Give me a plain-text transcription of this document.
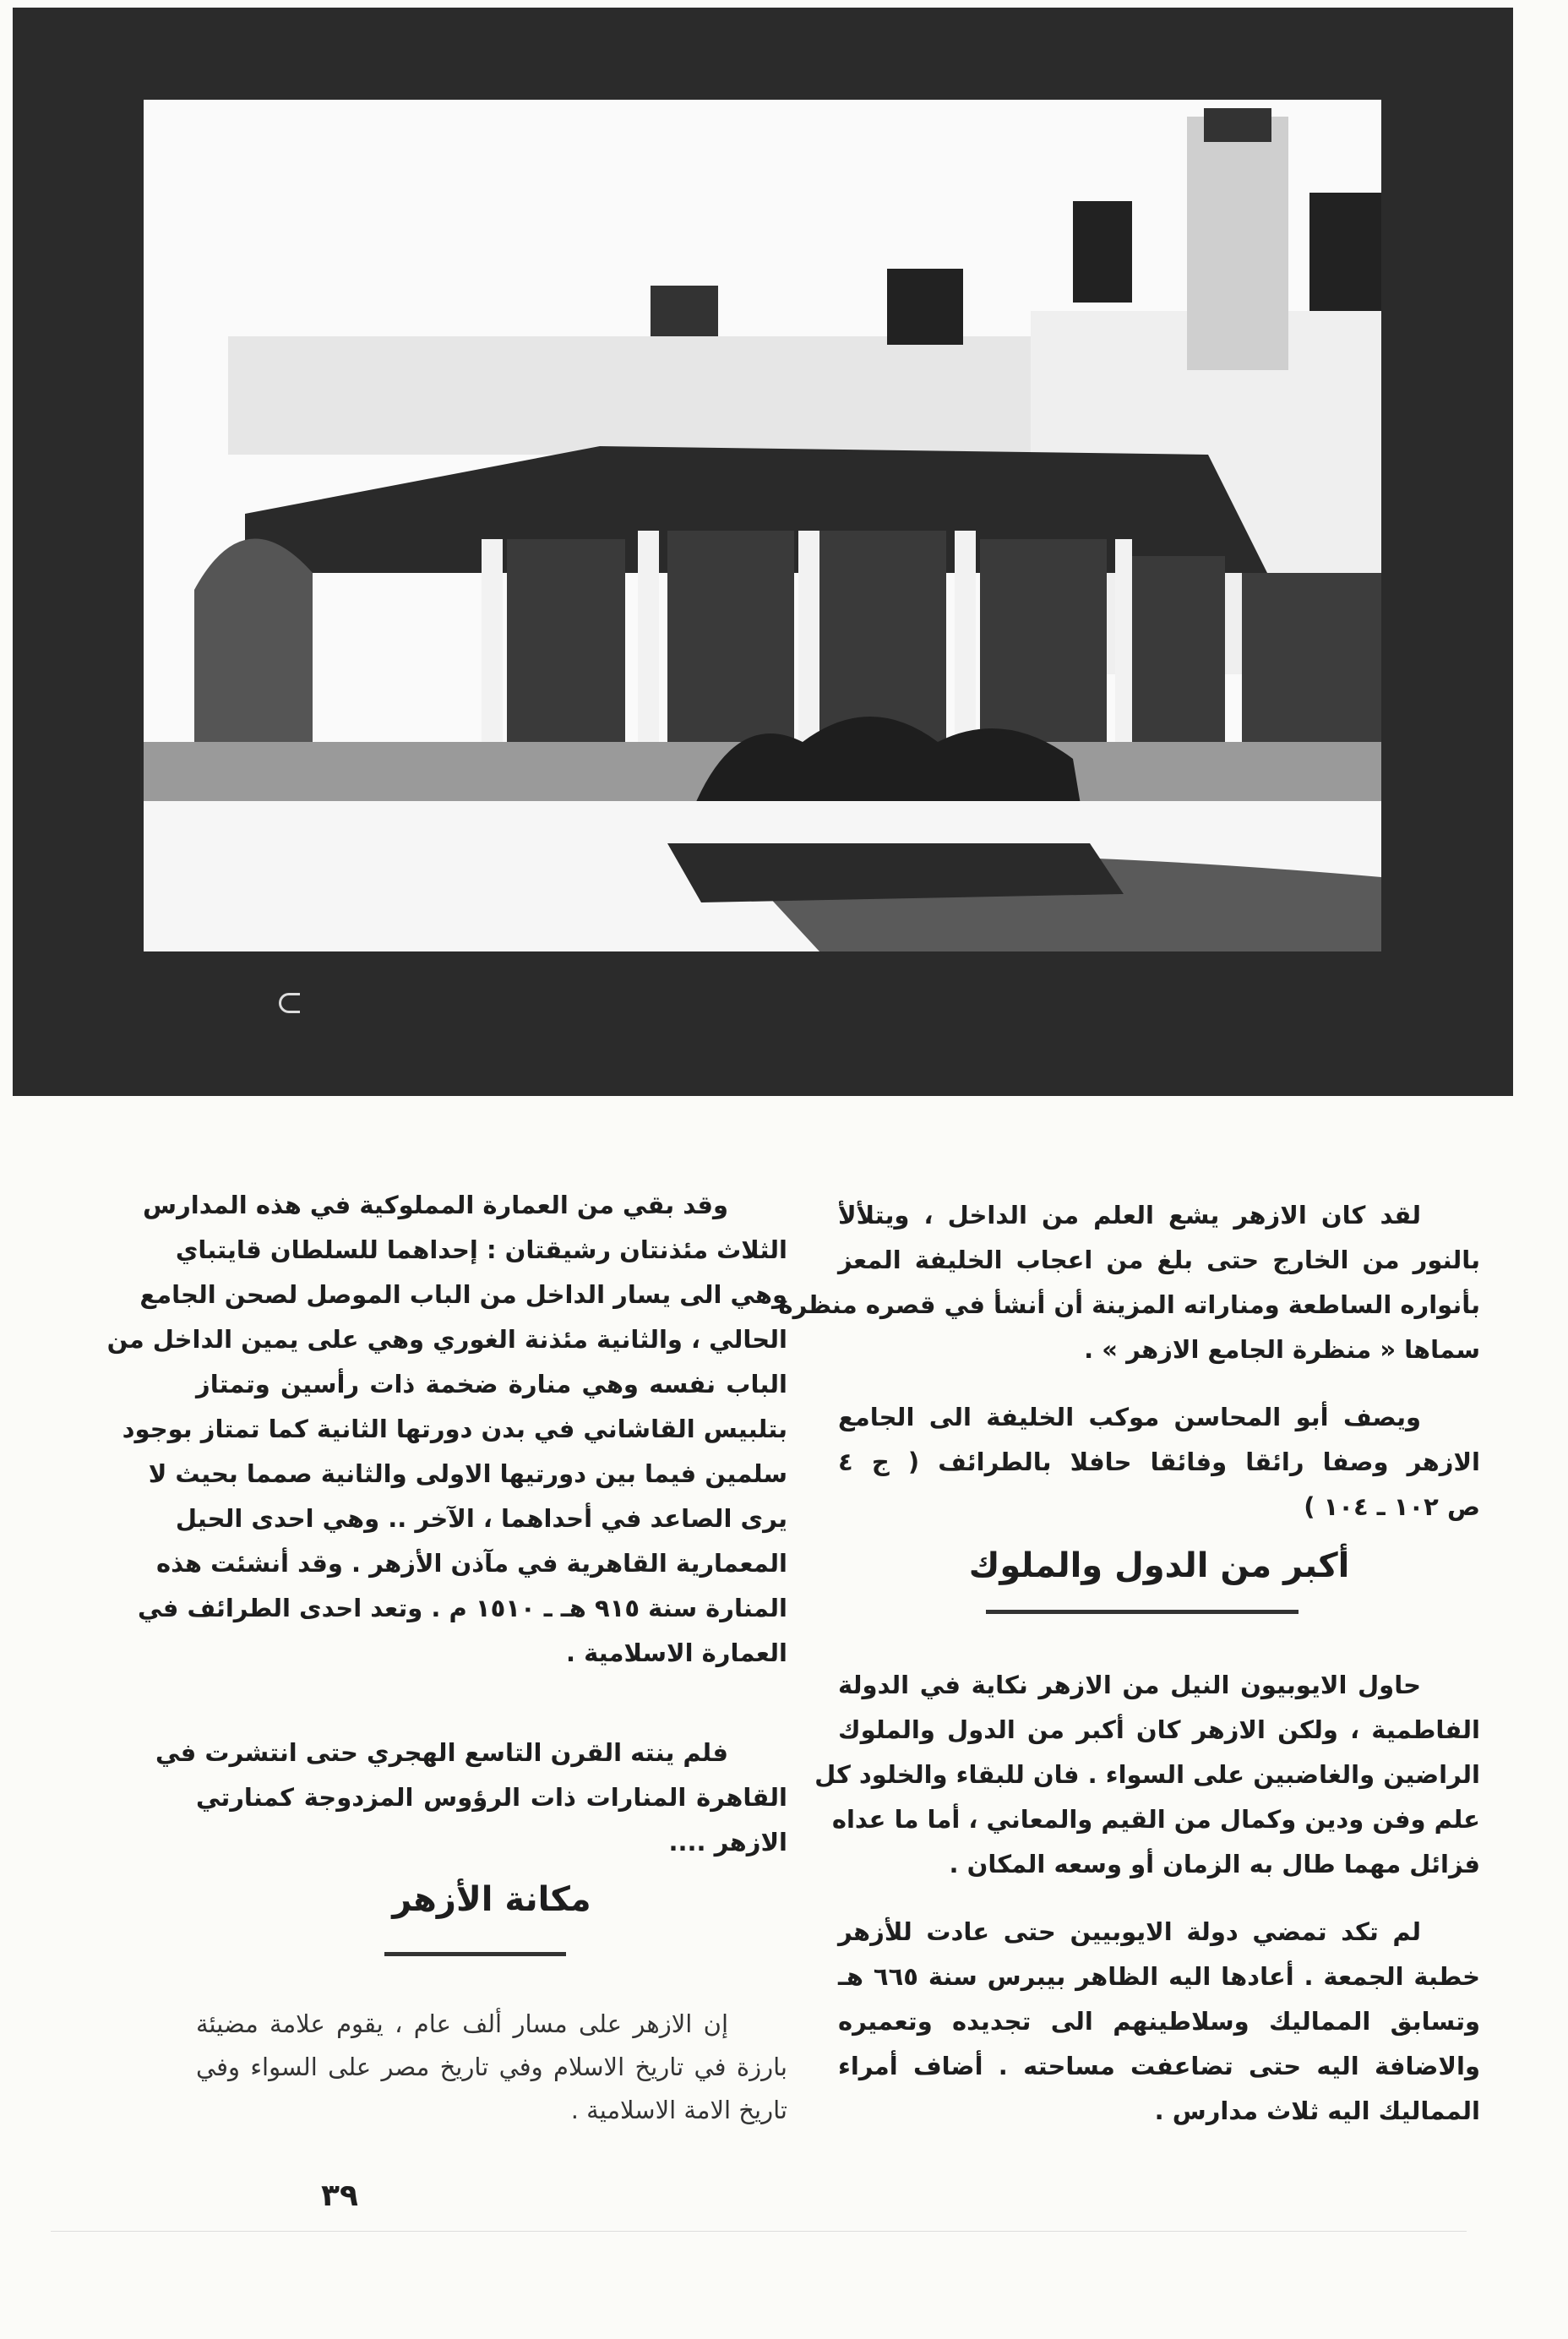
لقد كان الازهر يشع العلم من الداخل ، ويتلألأ
بالنور من الخارج حتى بلغ من اعجاب الخليفة المعز
بأنواره الساطعة ومناراته المزينة أن أنشأ في قصره منظرة
سماها « منظرة الجامع الازهر » .
ويصف أبو المحاسن موكب الخليفة الى الجامع
الازهر وصفا رائقا وفائقا حافلا بالطرائف ( ج ٤
ص ١٠٢ ـ ١٠٤ )
أكبر من الدول والملوك
حاول الايوبيون النيل من الازهر نكاية في الدولة
الفاطمية ، ولكن الازهر كان أكبر من الدول والملوك
الراضين والغاضبين على السواء . فان للبقاء والخلود كل
علم وفن ودين وكمال من القيم والمعاني ، أما ما عداه
فزائل مهما طال به الزمان أو وسعه المكان .
لم تكد تمضي دولة الايوبيين حتى عادت للأزهر
خطبة الجمعة . أعادها اليه الظاهر بيبرس سنة ٦٦٥ هـ
وتسابق المماليك وسلاطينهم الى تجديده وتعميره
والاضافة اليه حتى تضاعفت مساحته . أضاف أمراء
المماليك اليه ثلاث مدارس .
وقد بقي من العمارة المملوكية في هذه المدارس
الثلاث مئذنتان رشيقتان : إحداهما للسلطان قايتباي
وهي الى يسار الداخل من الباب الموصل لصحن الجامع
الحالي ، والثانية مئذنة الغوري وهي على يمين الداخل من
الباب نفسه وهي منارة ضخمة ذات رأسين وتمتاز
بتلبيس القاشاني في بدن دورتها الثانية كما تمتاز بوجود
سلمين فيما بين دورتيها الاولى والثانية صمما بحيث لا
يرى الصاعد في أحداهما ، الآخر .. وهي احدى الحيل
المعمارية القاهرية في مآذن الأزهر . وقد أنشئت هذه
المنارة سنة ٩١٥ هـ ـ ١٥١٠ م . وتعد احدى الطرائف في
العمارة الاسلامية .
فلم ينته القرن التاسع الهجري حتى انتشرت في
القاهرة المنارات ذات الرؤوس المزدوجة كمنارتي
الازهر ....
مكانة الأزهر
إن الازهر على مسار ألف عام ، يقوم علامة مضيئة
بارزة في تاريخ الاسلام وفي تاريخ مصر على السواء وفي
تاريخ الامة الاسلامية .
٣٩
